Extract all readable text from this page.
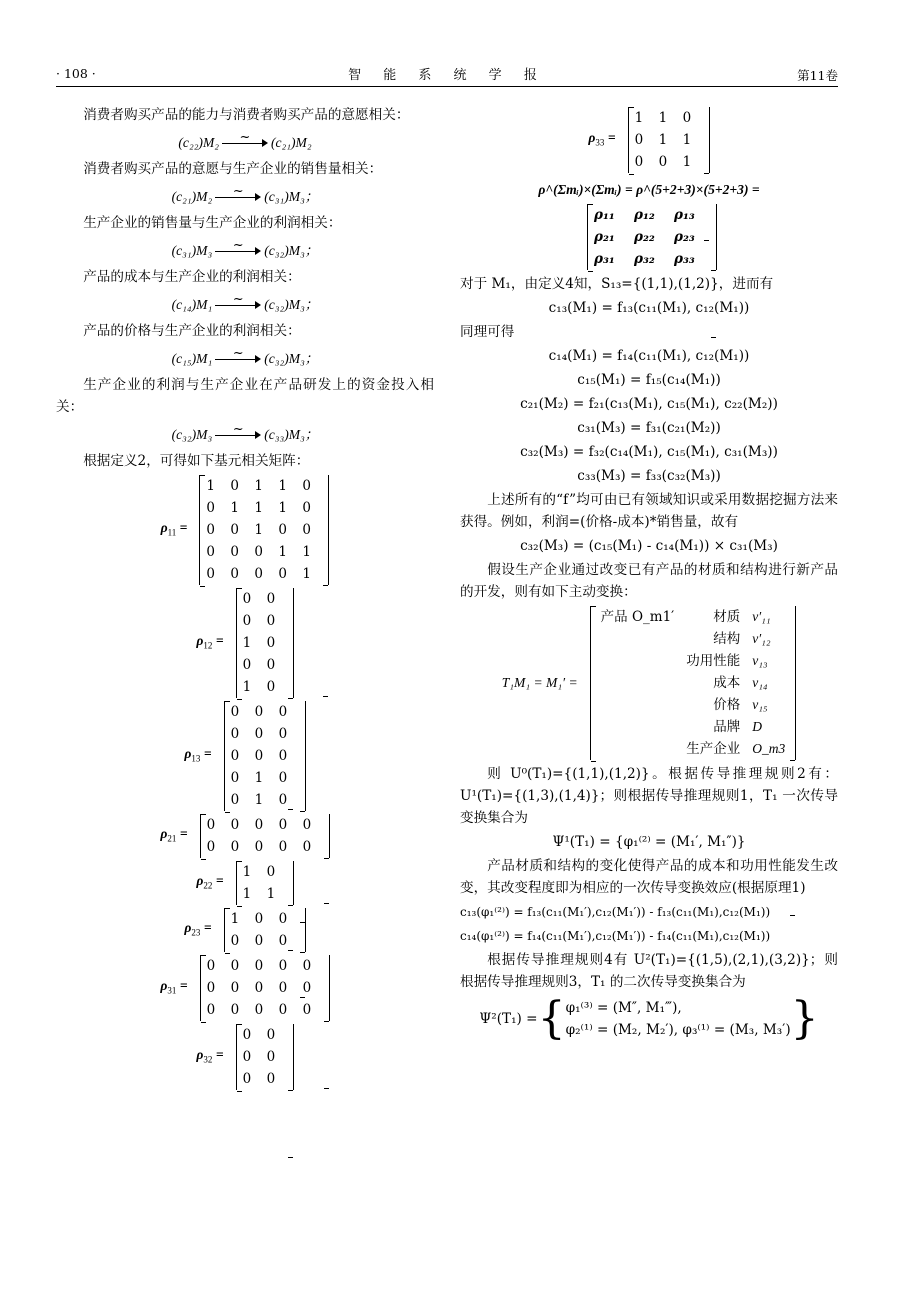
· 108 ·	智 能 系 统 学 报	第11卷

消费者购买产品的能力与消费者购买产品的意愿相关：

(c₂₂)M₂ ~	(c₂₁)M₂

消费者购买产品的意愿与生产企业的销售量相关：

(c₂₁)M₂ ~	(c₃₁)M₃；

生产企业的销售量与生产企业的利润相关：

(c₃₁)M₃ ~	(c₃₂)M₃；

产品的成本与生产企业的利润相关：

(c₁₄)M₁ ~	(c₃₂)M₃；

产品的价格与生产企业的利润相关：

(c₁₅)M₁ ~	(c₃₂)M₃；

生产企业的利润与生产企业在产品研发上的资金投入相关：

(c₃₂)M₃ ~	(c₃₃)M₃；

根据定义2，可得如下基元相关矩阵：

$\rho_{11}$ =
1	0	1	1	0
0	1	1	1	0
0	0	1	0	0
0	0	0	1	1
0	0	0	0	1
$\rho_{12}$ =
0	0
0	0
1	0
0	0
1	0
$\rho_{13}$ =
0	0	0
0	0	0
0	0	0
0	1	0
0	1	0
$\rho_{21}$ =
0	0	0	0	0
0	0	0	0	0
$\rho_{22}$ =
1	0
1	1
$\rho_{23}$ =
1	0	0
0	0	0
$\rho_{31}$ =
0	0	0	0	0
0	0	0	0	0
0	0	0	0	0
$\rho_{32}$ =
0	0
0	0
0	0
$\rho_{33}$ =
1	1	0
0	1	1
0	0	1
ρ^(Σmᵢ)×(Σmᵢ) = ρ^(5+2+3)×(5+2+3) =
ρ₁₁	ρ₁₂	ρ₁₃
ρ₂₁	ρ₂₂	ρ₂₃
ρ₃₁	ρ₃₂	ρ₃₃

对于 M₁，由定义4知，S₁₃={(1,1),(1,2)}，进而有

c₁₃(M₁) = f₁₃(c₁₁(M₁), c₁₂(M₁))

同理可得

c₁₄(M₁) = f₁₄(c₁₁(M₁), c₁₂(M₁))
c₁₅(M₁) = f₁₅(c₁₄(M₁))
c₂₁(M₂) = f₂₁(c₁₃(M₁), c₁₅(M₁), c₂₂(M₂))
c₃₁(M₃) = f₃₁(c₂₁(M₂))
c₃₂(M₃) = f₃₂(c₁₄(M₁), c₁₅(M₁), c₃₁(M₃))
c₃₃(M₃) = f₃₃(c₃₂(M₃))

上述所有的“f”均可由已有领域知识或采用数据挖掘方法来获得。例如，利润=(价格-成本)*销售量，故有

c₃₂(M₃) = (c₁₅(M₁) - c₁₄(M₁)) × c₃₁(M₃)

假设生产企业通过改变已有产品的材质和结构进行新产品的开发，则有如下主动变换：

T₁M₁ = M₁′ =
产品 O_m1′	材质	v′₁₁
	结构	v′₁₂
	功用性能	v₁₃
	成本	v₁₄
	价格	v₁₅
	品牌	D
	生产企业	O_m3

则 U⁰(T₁)={(1,1),(1,2)}。根据传导推理规则2有：U¹(T₁)={(1,3),(1,4)}；则根据传导推理规则1，T₁ 一次传导变换集合为

Ψ¹(T₁) = {φ₁⁽²⁾ = (M₁′, M₁″)}

产品材质和结构的变化使得产品的成本和功用性能发生改变，其改变程度即为相应的一次传导变换效应(根据原理1)

c₁₃(φ₁⁽²⁾) = f₁₃(c₁₁(M₁′),c₁₂(M₁′)) - f₁₃(c₁₁(M₁),c₁₂(M₁))
c₁₄(φ₁⁽²⁾) = f₁₄(c₁₁(M₁′),c₁₂(M₁′)) - f₁₄(c₁₁(M₁),c₁₂(M₁))

根据传导推理规则4有 U²(T₁)={(1,5),(2,1),(3,2)}；则根据传导推理规则3，T₁ 的二次传导变换集合为

Ψ²(T₁) = { φ₁⁽³⁾ = (M″, M₁‴),
φ₂⁽¹⁾ = (M₂, M₂′), φ₃⁽¹⁾ = (M₃, M₃′) }
